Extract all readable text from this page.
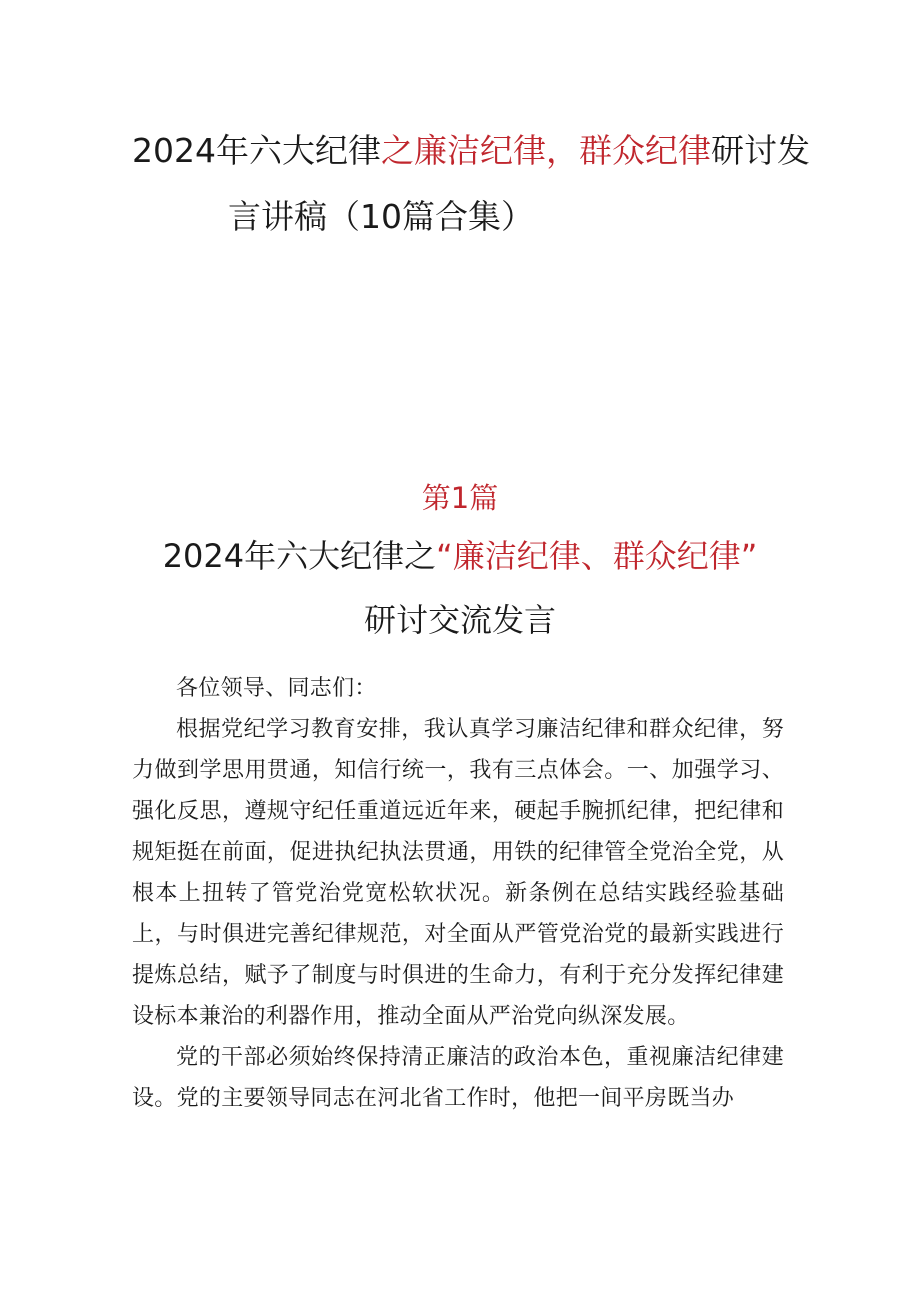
2024年六大纪律之廉洁纪律，群众纪律研讨发
言讲稿（10篇合集）
第1篇
2024年六大纪律之“廉洁纪律、群众纪律”
研讨交流发言

各位领导、同志们：

根据党纪学习教育安排，我认真学习廉洁纪律和群众纪律，努力做到学思用贯通，知信行统一，我有三点体会。一、加强学习、强化反思，遵规守纪任重道远近年来，硬起手腕抓纪律，把纪律和规矩挺在前面，促进执纪执法贯通，用铁的纪律管全党治全党，从根本上扭转了管党治党宽松软状况。新条例在总结实践经验基础上，与时俱进完善纪律规范，对全面从严管党治党的最新实践进行提炼总结，赋予了制度与时俱进的生命力，有利于充分发挥纪律建设标本兼治的利器作用，推动全面从严治党向纵深发展。

党的干部必须始终保持清正廉洁的政治本色，重视廉洁纪律建设。党的主要领导同志在河北省工作时，他把一间平房既当办
